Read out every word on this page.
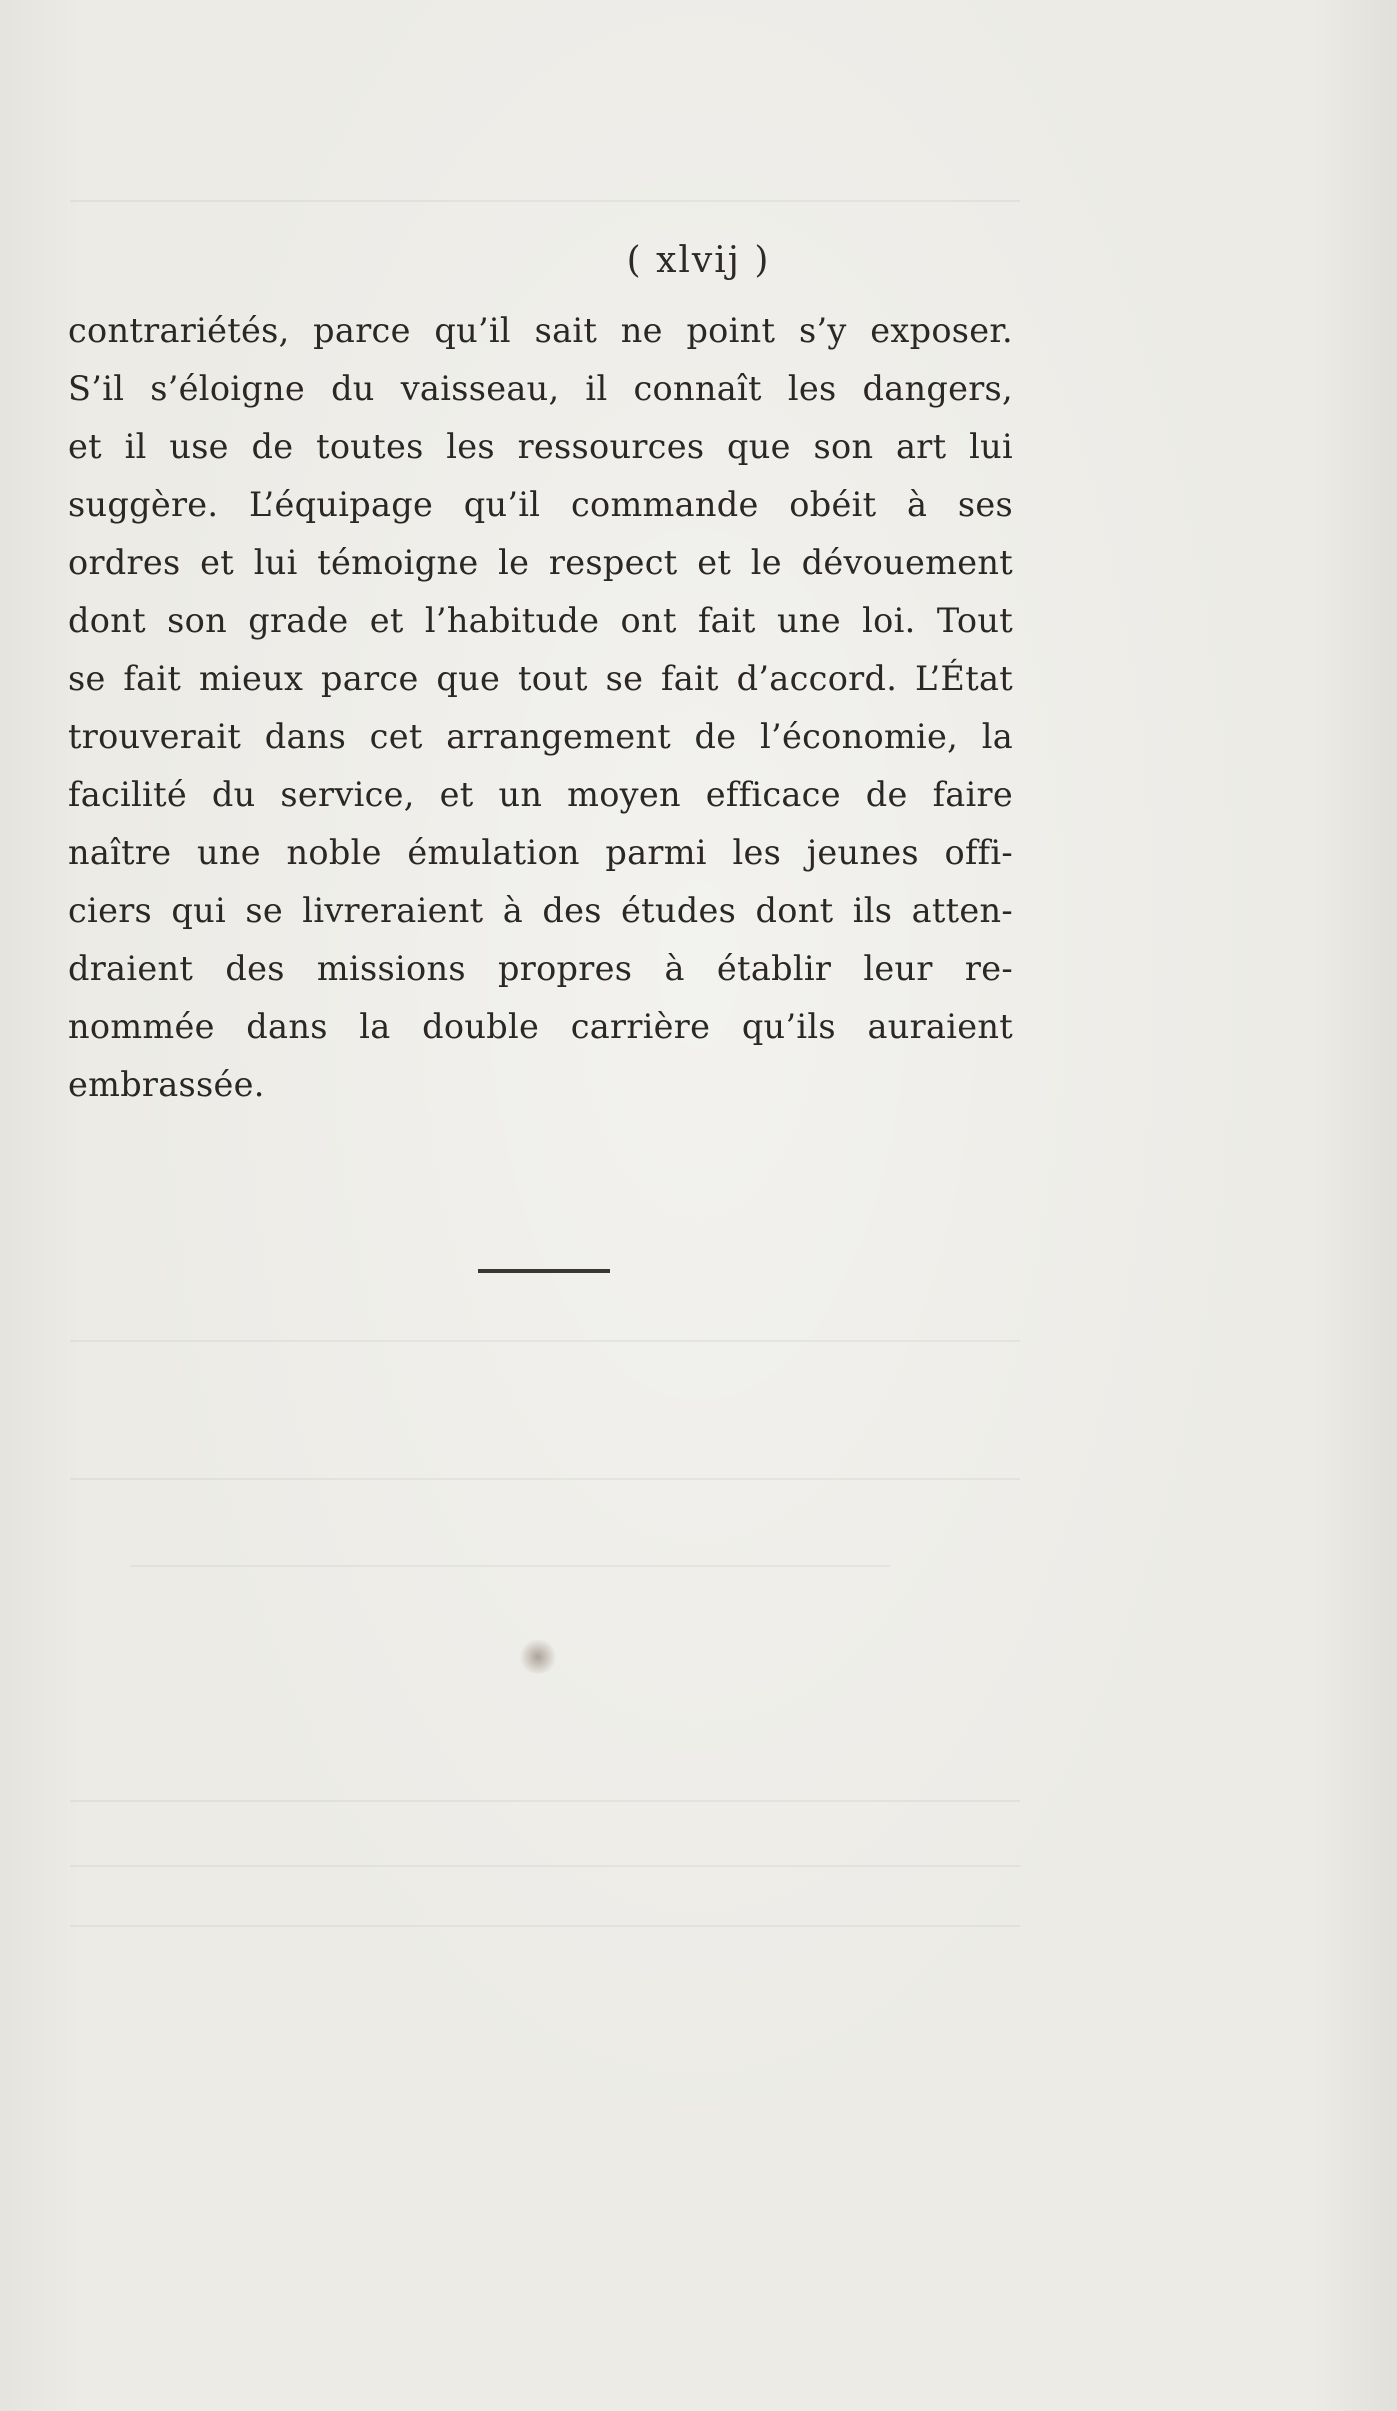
( xlvij )
contrariétés, parce qu’il sait ne point s’y exposer.
S’il s’éloigne du vaisseau, il connaît les dangers,
et il use de toutes les ressources que son art lui
suggère. L’équipage qu’il commande obéit à ses
ordres et lui témoigne le respect et le dévouement
dont son grade et l’habitude ont fait une loi. Tout
se fait mieux parce que tout se fait d’accord. L’État
trouverait dans cet arrangement de l’économie, la
facilité du service, et un moyen efficace de faire
naître une noble émulation parmi les jeunes offi-
ciers qui se livreraient à des études dont ils atten-
draient des missions propres à établir leur re-
nommée dans la double carrière qu’ils auraient
embrassée.
